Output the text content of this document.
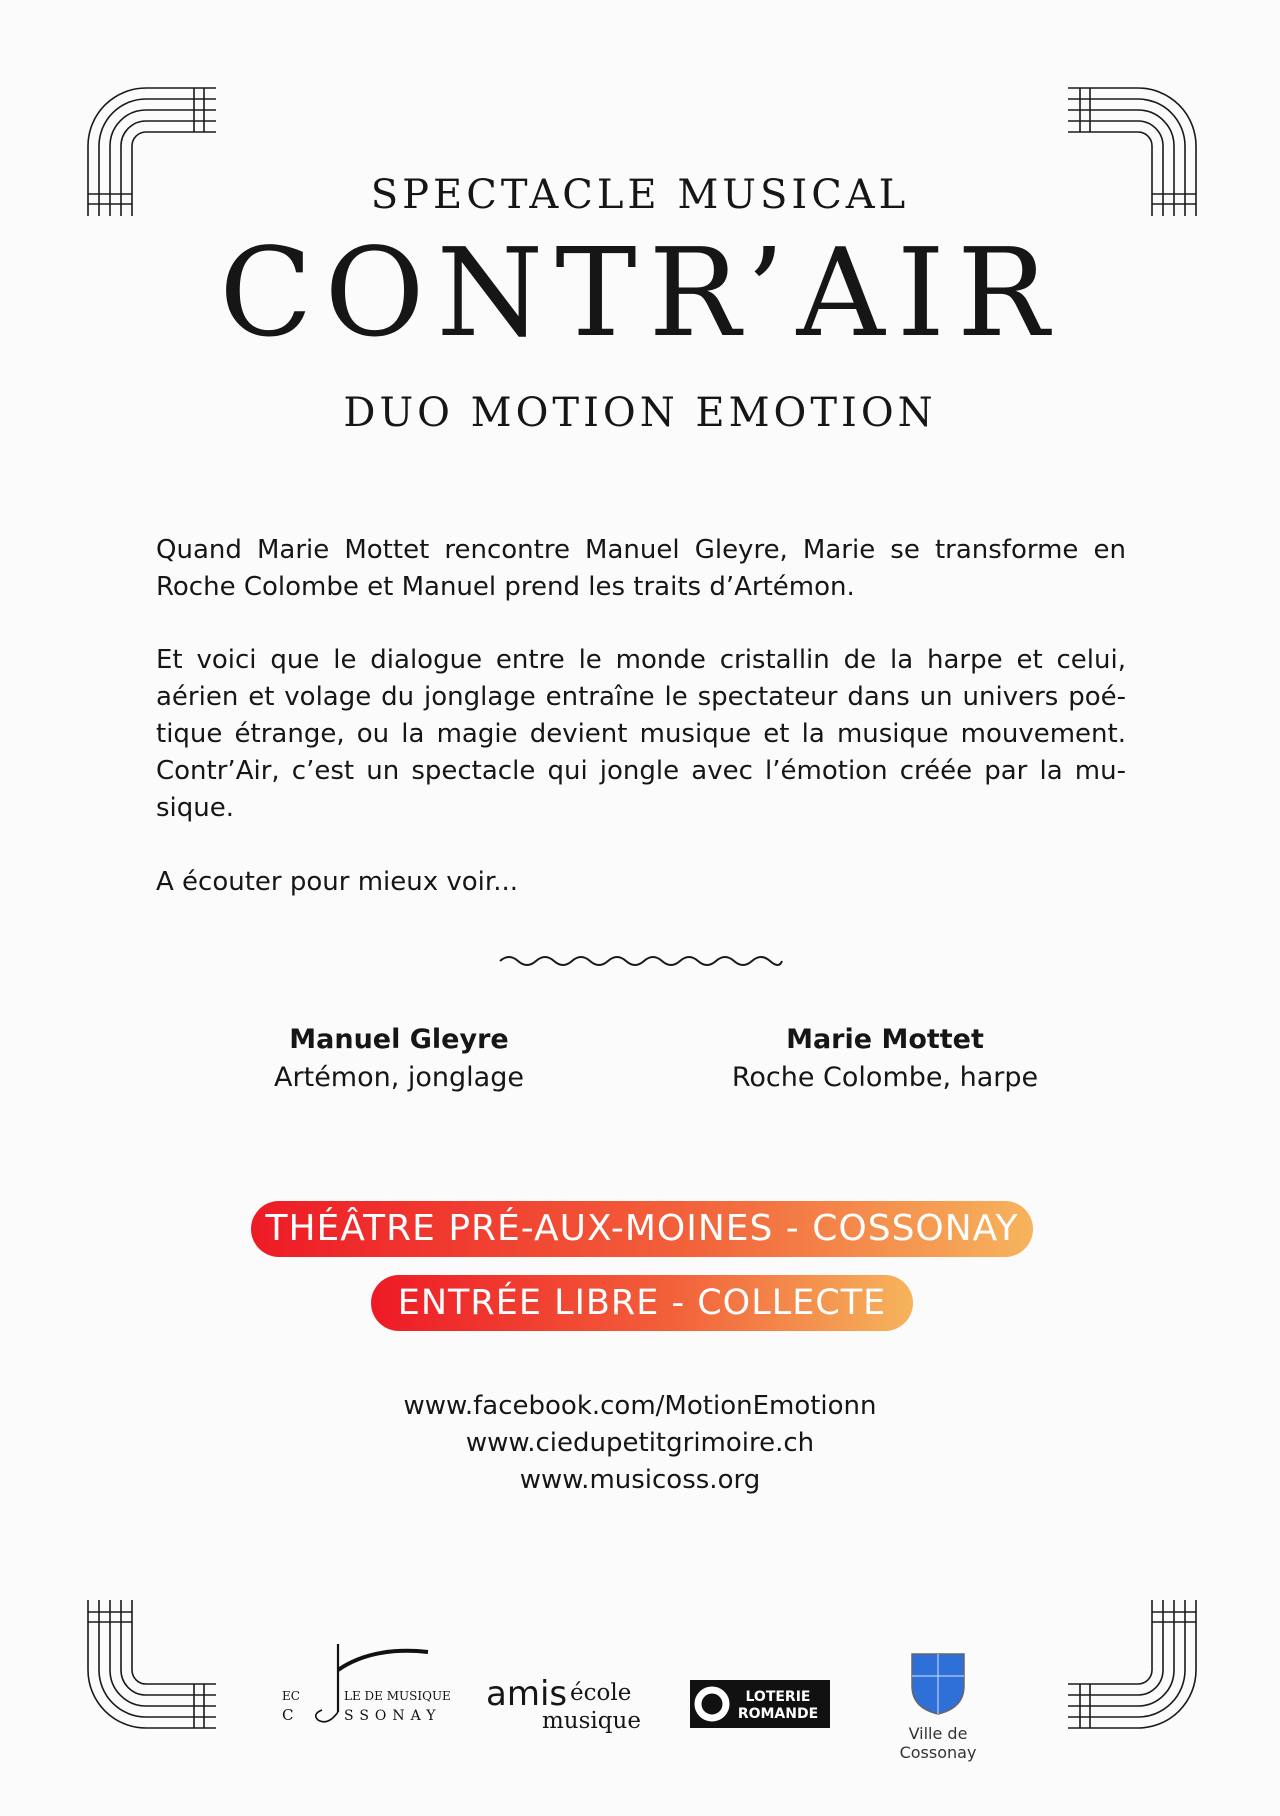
SPECTACLE MUSICAL
CONTR’AIR
DUO MOTION EMOTION
Quand Marie Mottet rencontre Manuel Gleyre, Marie se transforme en Roche Colombe et Manuel prend les traits d’Artémon.
Et voici que le dialogue entre le monde cristallin de la harpe et celui, aérien et volage du jonglage entraîne le spectateur dans un univers poé-tique étrange, ou la magie devient musique et la musique mouvement. Contr’Air, c’est un spectacle qui jongle avec l’émotion créée par la mu-sique.
A écouter pour mieux voir...
Manuel Gleyre
Artémon, jonglage
Marie Mottet
Roche Colombe, harpe
THÉÂTRE PRÉ-AUX-MOINES - COSSONAY
ENTRÉE LIBRE - COLLECTE
www.facebook.com/MotionEmotionn
www.ciedupetitgrimoire.ch
www.musicoss.org
EC	LE DE MUSIQUE
C	SSONAY
amis école
musique
LOTERIE
ROMANDE
Ville de Cossonay
